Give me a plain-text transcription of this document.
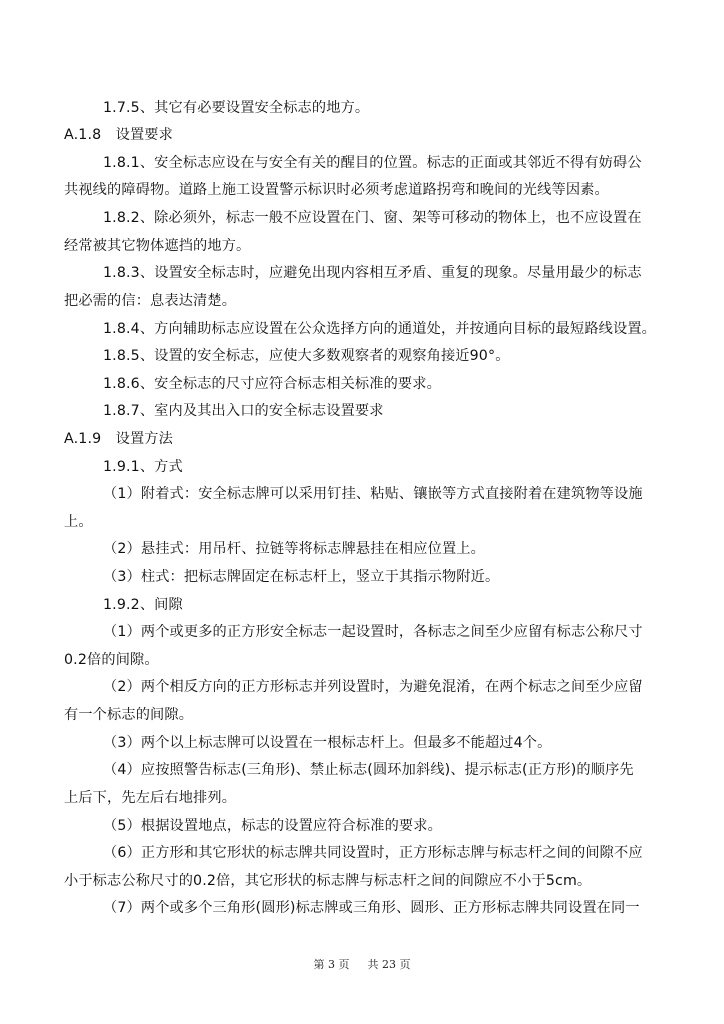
1.7.5、其它有必要设置安全标志的地方。
A.1.8　设置要求
1.8.1、安全标志应设在与安全有关的醒目的位置。标志的正面或其邻近不得有妨碍公
共视线的障碍物。道路上施工设置警示标识时必须考虑道路拐弯和晚间的光线等因素。
1.8.2、除必须外，标志一般不应设置在门、窗、架等可移动的物体上，也不应设置在
经常被其它物体遮挡的地方。
1.8.3、设置安全标志时，应避免出现内容相互矛盾、重复的现象。尽量用最少的标志
把必需的信：息表达清楚。
1.8.4、方向辅助标志应设置在公众选择方向的通道处，并按通向目标的最短路线设置。
1.8.5、设置的安全标志，应使大多数观察者的观察角接近90°。
1.8.6、安全标志的尺寸应符合标志相关标准的要求。
1.8.7、室内及其出入口的安全标志设置要求
A.1.9　设置方法
1.9.1、方式
（1）附着式：安全标志牌可以采用钉挂、粘贴、镶嵌等方式直接附着在建筑物等设施
上。
（2）悬挂式：用吊杆、拉链等将标志牌悬挂在相应位置上。
（3）柱式：把标志牌固定在标志杆上，竖立于其指示物附近。
1.9.2、间隙
（1）两个或更多的正方形安全标志一起设置时，各标志之间至少应留有标志公称尺寸
0.2倍的间隙。
（2）两个相反方向的正方形标志并列设置时，为避免混淆，在两个标志之间至少应留
有一个标志的间隙。
（3）两个以上标志牌可以设置在一根标志杆上。但最多不能超过4个。
（4）应按照警告标志(三角形)、禁止标志(圆环加斜线)、提示标志(正方形)的顺序先
上后下，先左后右地排列。
（5）根据设置地点，标志的设置应符合标准的要求。
（6）正方形和其它形状的标志牌共同设置时，正方形标志牌与标志杆之间的间隙不应
小于标志公称尺寸的0.2倍，其它形状的标志牌与标志杆之间的间隙应不小于5cm。
（7）两个或多个三角形(圆形)标志牌或三角形、圆形、正方形标志牌共同设置在同一
第 3 页 共 23 页
